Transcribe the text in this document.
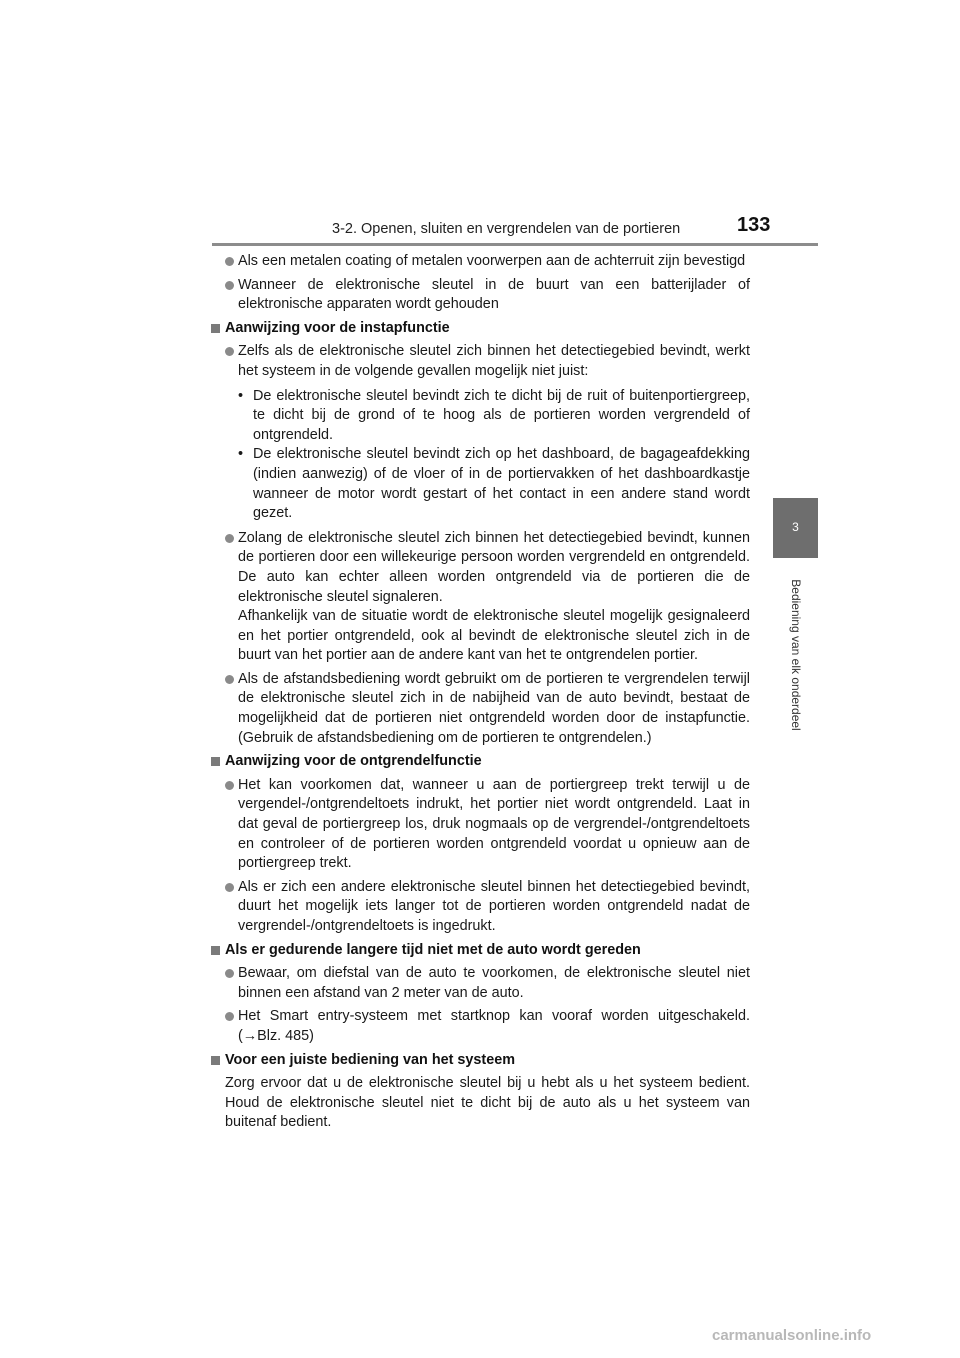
3-2. Openen, sluiten en vergrendelen van de portieren	133
3
Bediening van elk onderdeel
Als een metalen coating of metalen voorwerpen aan de achterruit zijn bevestigd
Wanneer de elektronische sleutel in de buurt van een batterijlader of elektronische apparaten wordt gehouden
Aanwijzing voor de instapfunctie
Zelfs als de elektronische sleutel zich binnen het detectiegebied bevindt, werkt het systeem in de volgende gevallen mogelijk niet juist:
• De elektronische sleutel bevindt zich te dicht bij de ruit of buitenportiergreep, te dicht bij de grond of te hoog als de portieren worden vergrendeld of ontgrendeld.
• De elektronische sleutel bevindt zich op het dashboard, de bagageafdekking (indien aanwezig) of de vloer of in de portiervakken of het dashboardkastje wanneer de motor wordt gestart of het contact in een andere stand wordt gezet.
Zolang de elektronische sleutel zich binnen het detectiegebied bevindt, kunnen de portieren door een willekeurige persoon worden vergrendeld en ontgrendeld. De auto kan echter alleen worden ontgrendeld via de portieren die de elektronische sleutel signaleren.
Afhankelijk van de situatie wordt de elektronische sleutel mogelijk gesignaleerd en het portier ontgrendeld, ook al bevindt de elektronische sleutel zich in de buurt van het portier aan de andere kant van het te ontgrendelen portier.
Als de afstandsbediening wordt gebruikt om de portieren te vergrendelen terwijl de elektronische sleutel zich in de nabijheid van de auto bevindt, bestaat de mogelijkheid dat de portieren niet ontgrendeld worden door de instapfunctie. (Gebruik de afstandsbediening om de portieren te ontgrendelen.)
Aanwijzing voor de ontgrendelfunctie
Het kan voorkomen dat, wanneer u aan de portiergreep trekt terwijl u de vergendel-/ontgrendeltoets indrukt, het portier niet wordt ontgrendeld. Laat in dat geval de portiergreep los, druk nogmaals op de vergrendel-/ontgrendeltoets en controleer of de portieren worden ontgrendeld voordat u opnieuw aan de portiergreep trekt.
Als er zich een andere elektronische sleutel binnen het detectiegebied bevindt, duurt het mogelijk iets langer tot de portieren worden ontgrendeld nadat de vergrendel-/ontgrendeltoets is ingedrukt.
Als er gedurende langere tijd niet met de auto wordt gereden
Bewaar, om diefstal van de auto te voorkomen, de elektronische sleutel niet binnen een afstand van 2 meter van de auto.
Het Smart entry-systeem met startknop kan vooraf worden uitgeschakeld. (→Blz. 485)
Voor een juiste bediening van het systeem
Zorg ervoor dat u de elektronische sleutel bij u hebt als u het systeem bedient. Houd de elektronische sleutel niet te dicht bij de auto als u het systeem van buitenaf bedient.
carmanualsonline.info
